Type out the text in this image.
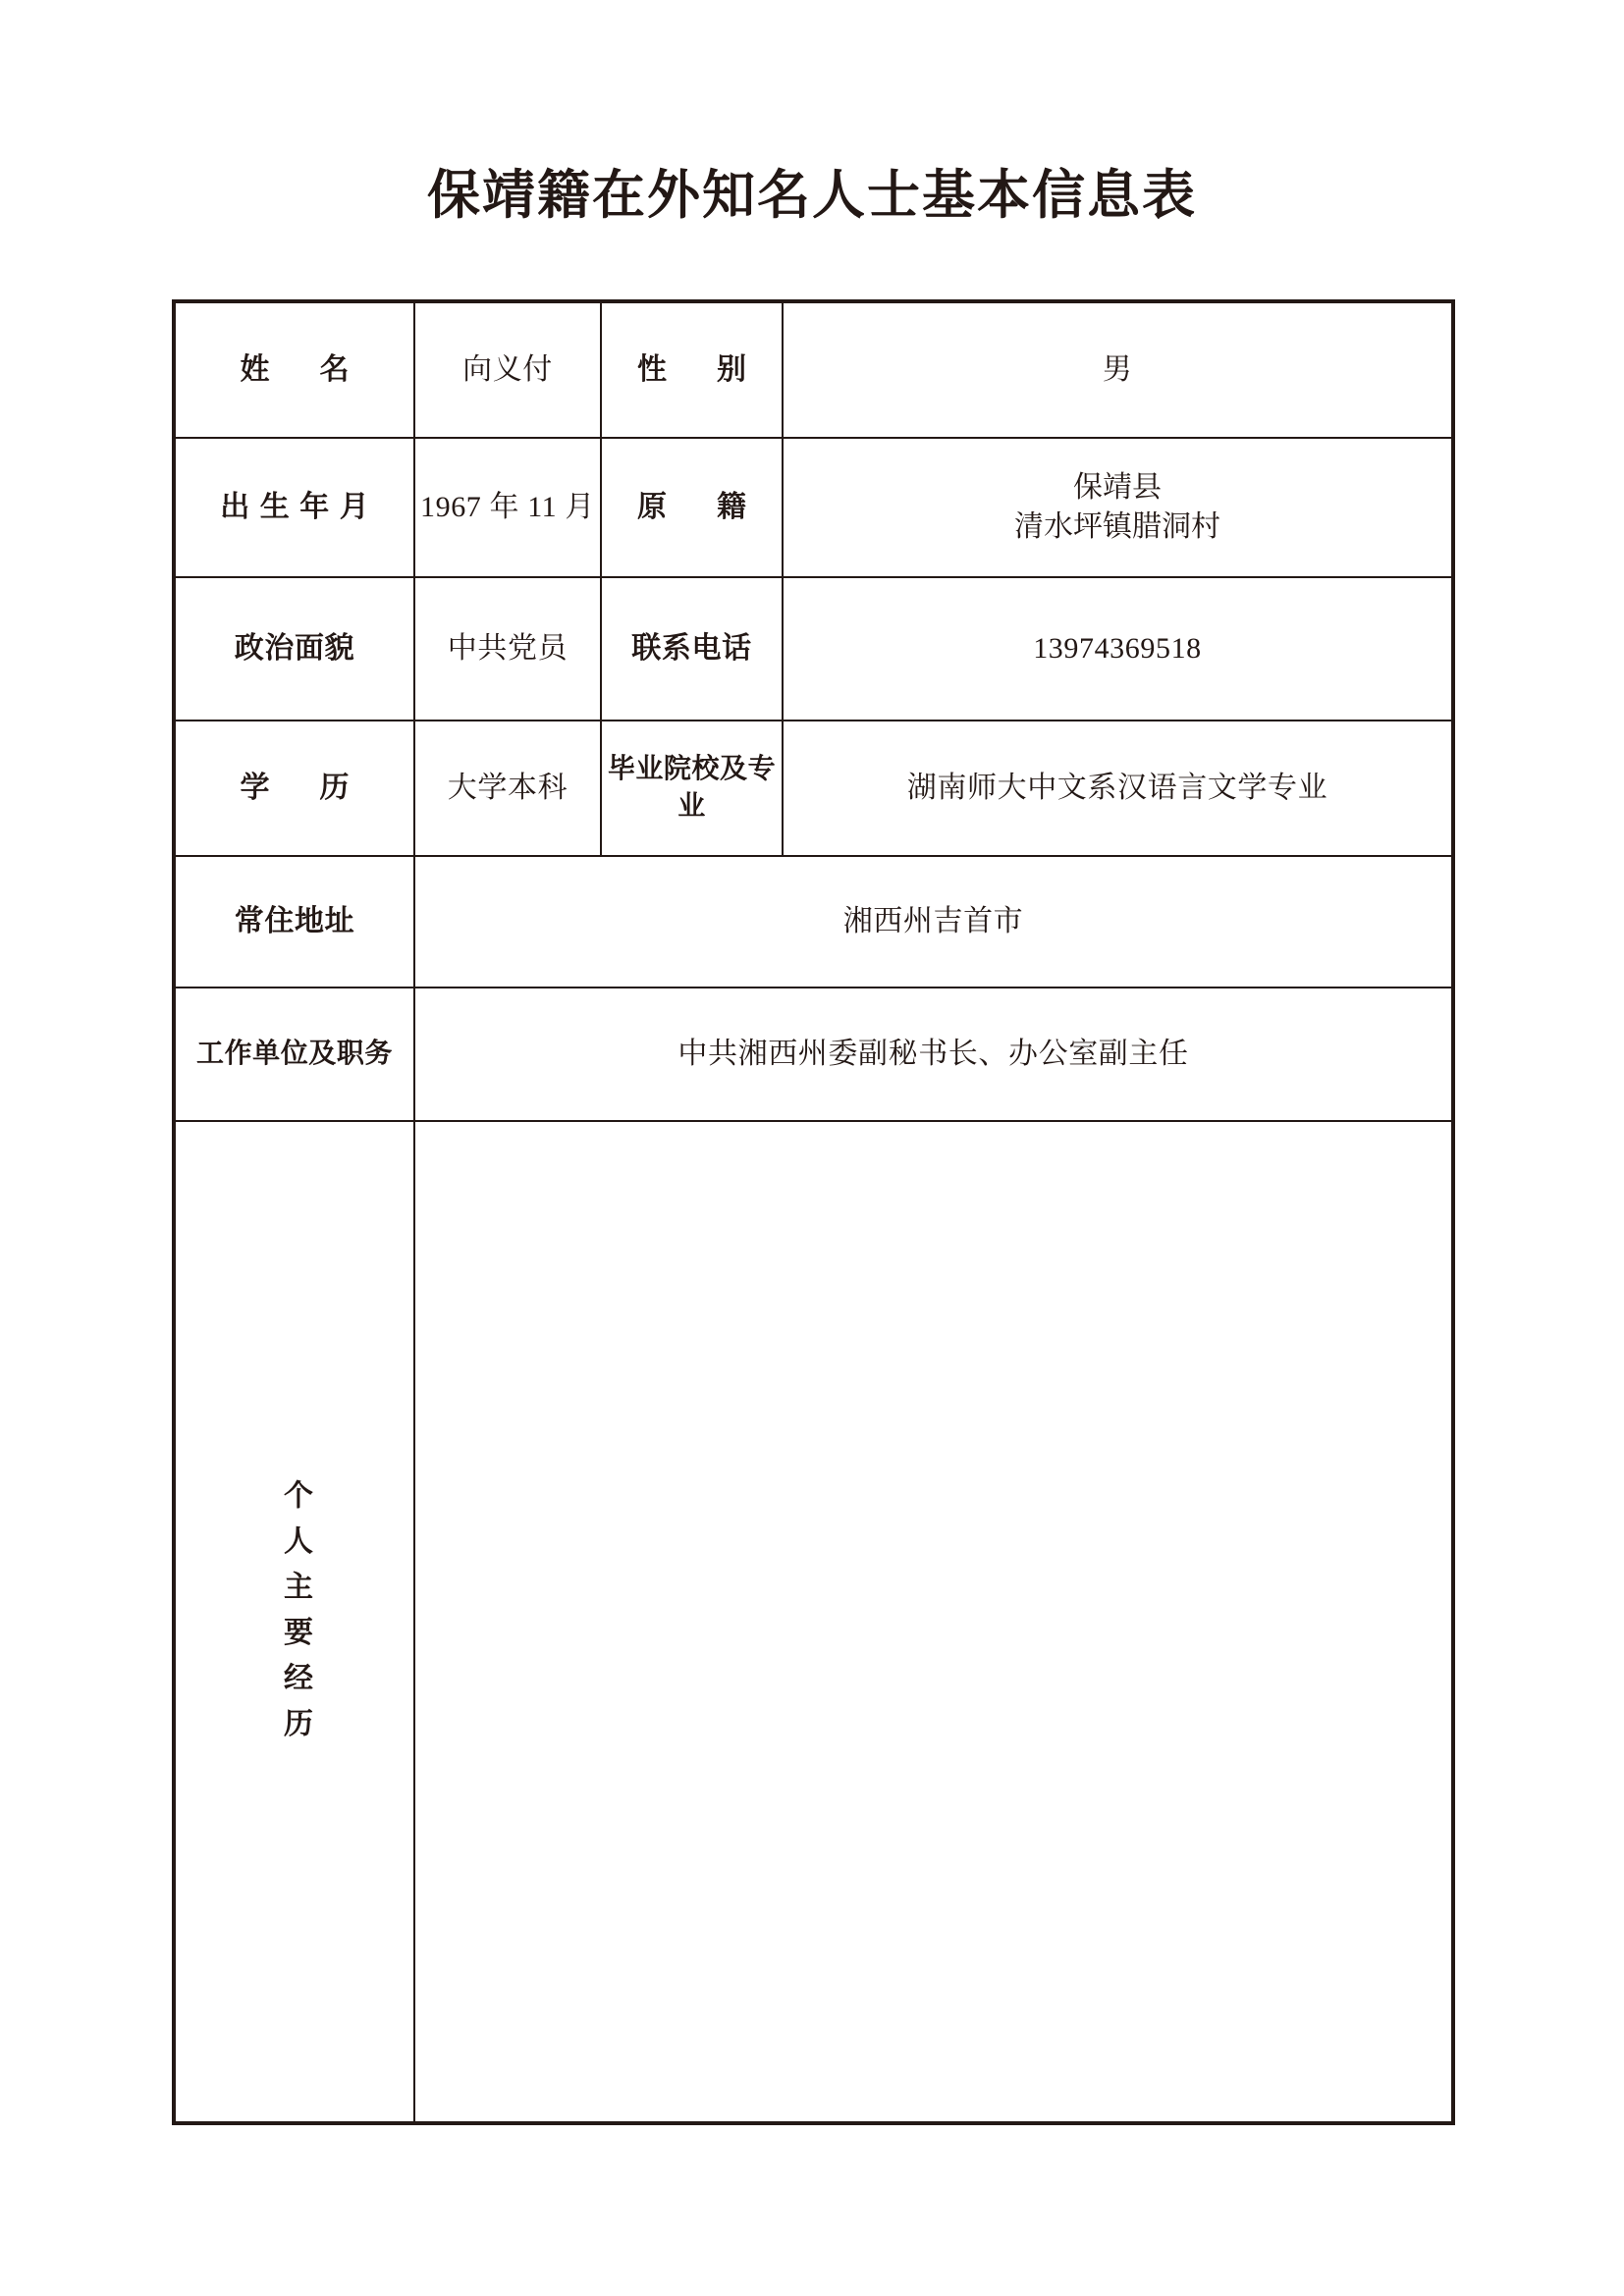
保靖籍在外知名人士基本信息表
姓　名	向义付	性　别	男

出生年月	1967 年 11 月	原　籍	保靖县
清水坪镇腊洞村

政治面貌	中共党员	联系电话	13974369518
学　历	大学本科	毕业院校及专业	湖南师大中文系汉语言文学专业
常住地址	湘西州吉首市		
工作单位及职务	中共湘西州委副秘书长、办公室副主任		
个人主要经历			
